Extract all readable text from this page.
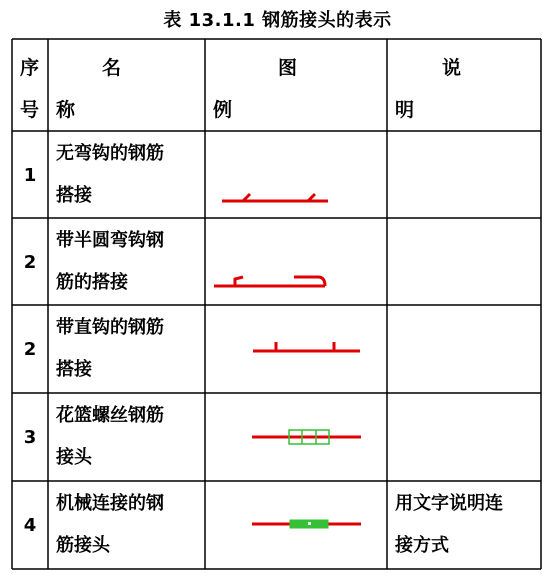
表 13.1.1 钢筋接头的表示
序
号
名
称
图
例
说
明
1
无弯钩的钢筋
搭接
2
带半圆弯钩钢
筋的搭接
2
带直钩的钢筋
搭接
3
花篮螺丝钢筋
接头
4
机械连接的钢
筋接头
用文字说明连
接方式
